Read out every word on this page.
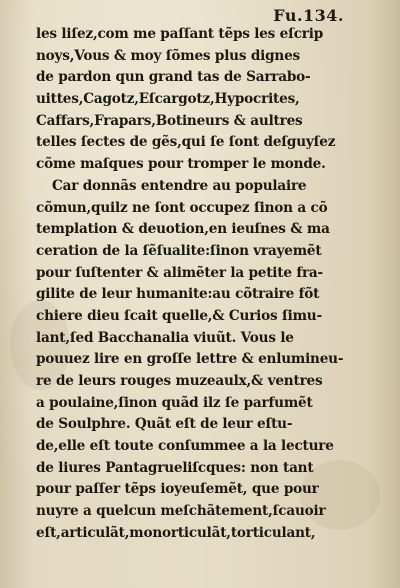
Fu.134.
les liſez,com me paſſant tẽps les eſcrip
noys,Vous & moy ſõmes plus dignes
de pardon qun grand tas de Sarrabo-
uittes,Cagotz,Eſcargotz,Hypocrites,
Caffars,Frapars,Botineurs & aultres
telles ſectes de gẽs,qui ſe ſont deſguyſez
cõme maſques pour tromper le monde.
Car donnãs entendre au populaire
cõmun,quilz ne ſont occupez ſinon a cõ
templation & deuotion,en ieuſnes & ma
ceration de la ſẽſualite:ſinon vrayemẽt
pour ſuſtenter & alimẽter la petite fra-
gilite de leur humanite:au cõtraire fõt
chiere dieu ſcait quelle,& Curios ſimu-
lant,ſed Bacchanalia viuũt. Vous le
pouuez lire en groſſe lettre & enlumineu-
re de leurs rouges muzeaulx,& ventres
a poulaine,ſinon quãd ilz ſe parfumẽt
de Soulphre. Quãt eſt de leur eſtu-
de,elle eſt toute conſummee a la lecture
de liures Pantagrueliſcques: non tant
pour paſſer tẽps ioyeuſemẽt, que pour
nuyre a quelcun meſchãtement,ſcauoir
eſt,articulãt,monorticulãt,torticulant,
